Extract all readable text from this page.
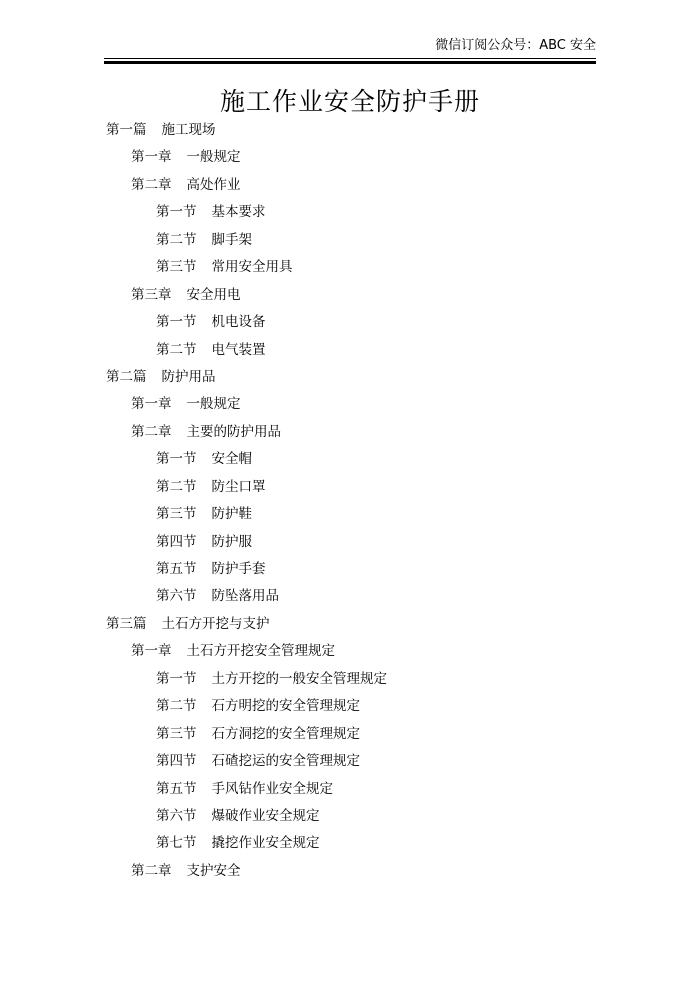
微信订阅公众号：ABC 安全
施工作业安全防护手册
第一篇 施工现场
第一章 一般规定
第二章 高处作业
第一节 基本要求
第二节 脚手架
第三节 常用安全用具
第三章 安全用电
第一节 机电设备
第二节 电气装置
第二篇 防护用品
第一章 一般规定
第二章 主要的防护用品
第一节 安全帽
第二节 防尘口罩
第三节 防护鞋
第四节 防护服
第五节 防护手套
第六节 防坠落用品
第三篇 土石方开挖与支护
第一章 土石方开挖安全管理规定
第一节 土方开挖的一般安全管理规定
第二节 石方明挖的安全管理规定
第三节 石方洞挖的安全管理规定
第四节 石碴挖运的安全管理规定
第五节 手风钻作业安全规定
第六节 爆破作业安全规定
第七节 撬挖作业安全规定
第二章 支护安全
